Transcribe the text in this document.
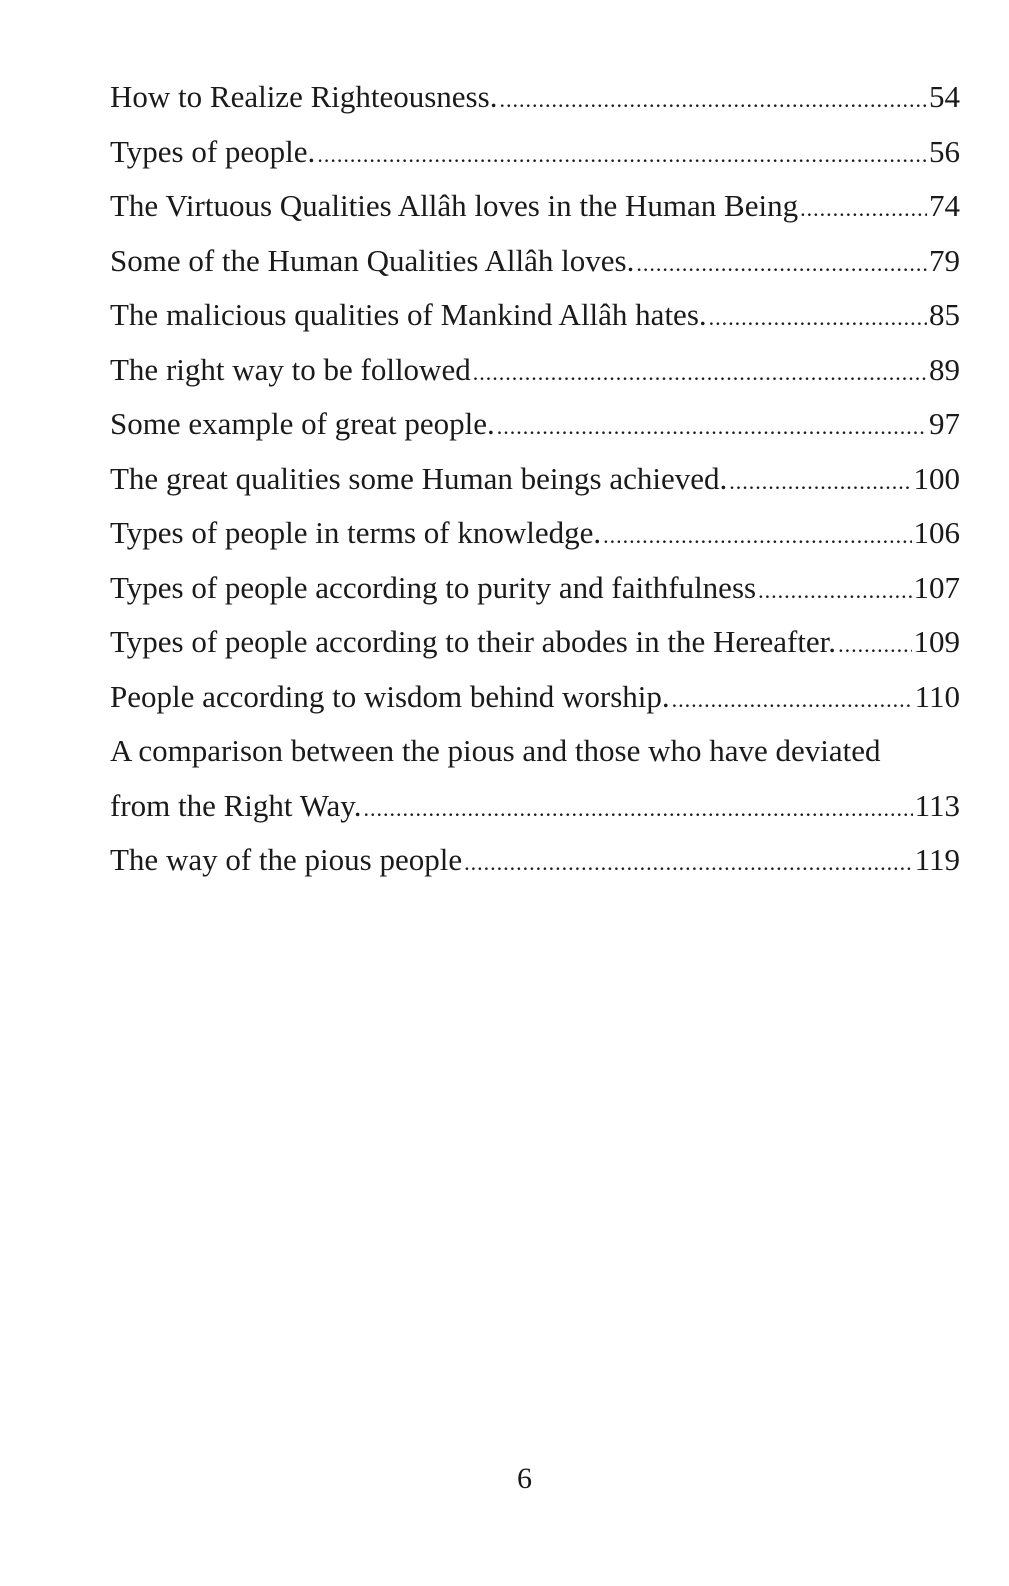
How to Realize Righteousness. .....	54
Types of people. .....	56
The Virtuous Qualities Allâh loves in the Human Being .....	74
Some of the Human Qualities Allâh loves. .....	79
The malicious qualities of Mankind Allâh hates. .....	85
The right way to be followed .....	89
Some example of great people. .....	97
The great qualities some Human beings achieved. .....	100
Types of people in terms of knowledge. .....	106
Types of people according to purity and faithfulness .....	107
Types of people according to their abodes in the Hereafter. ..... 109
People according to wisdom behind worship. .....	110
A comparison between the pious and those who have deviated
from the Right Way. .....	113
The way of the pious people .....	119
6
